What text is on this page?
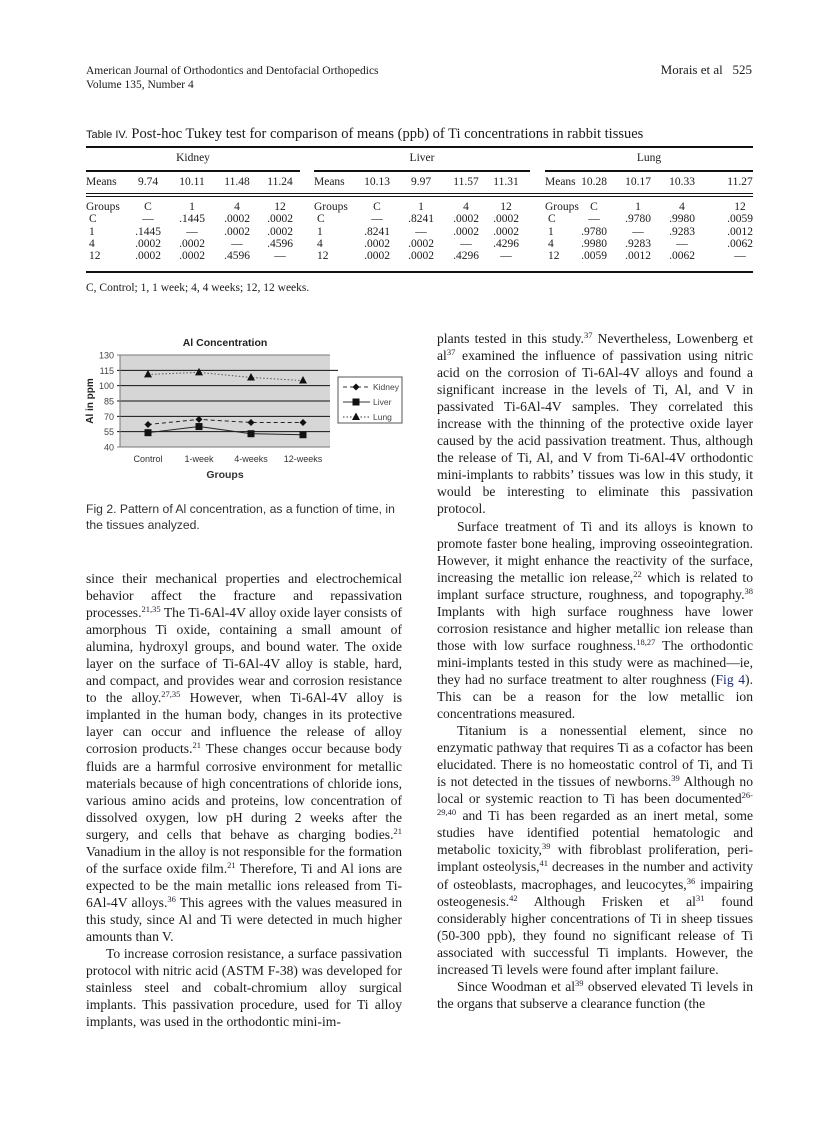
American Journal of Orthodontics and Dentofacial Orthopedics
Volume 135, Number 4
Morais et al 525
Table IV. Post-hoc Tukey test for comparison of means (ppb) of Ti concentrations in rabbit tissues
Kidney
Means 9.74 10.11 11.48 11.24
Groups C	1	4	12
C	— .1445 .0002 .0002
1	.1445 — .0002 .0002
4	.0002 .0002 — .4596
12	.0002 .0002 .4596 —
Liver
Means 10.13 9.97 11.57 11.31
Groups C	1	4	12
C	— .8241 .0002 .0002
1	.8241 — .0002 .0002
4	.0002 .0002 — .4296
12	.0002 .0002 .4296 —
Lung
Means 10.28 10.17 10.33	11.27
Groups C	1	4	12
C	— .9780 .9980	.0059
1 .9780 — .9283	.0012
4 .9980 .9283 —	.0062
12 .0059 .0012 .0062	—
C, Control; 1, 1 week; 4, 4 weeks; 12, 12 weeks.
40
55
70
85
100
115
130
Al Concentration
Groups
Al in ppm
Control 1-week 4-weeks 12-weeks
Kidney
Liver
Lung
Fig 2. Pattern of Al concentration, as a function of time, in the tissues analyzed.

since their mechanical properties and electrochemical behavior affect the fracture and repassivation processes.$^{21,35}$ The Ti-6Al-4V alloy oxide layer consists of amorphous Ti oxide, containing a small amount of alumina, hydroxyl groups, and bound water. The oxide layer on the surface of Ti-6Al-4V alloy is stable, hard, and compact, and provides wear and corrosion resistance to the alloy.$^{27,35}$ However, when Ti-6Al-4V alloy is implanted in the human body, changes in its protective layer can occur and influence the release of alloy corrosion products.$^{21}$ These changes occur because body fluids are a harmful corrosive environment for metallic materials because of high concentrations of chloride ions, various amino acids and proteins, low concentration of dissolved oxygen, low pH during 2 weeks after the surgery, and cells that behave as charging bodies.$^{21}$ Vanadium in the alloy is not responsible for the formation of the surface oxide film.$^{21}$ Therefore, Ti and Al ions are expected to be the main metallic ions released from Ti-6Al-4V alloys.$^{36}$ This agrees with the values measured in this study, since Al and Ti were detected in much higher amounts than V.

To increase corrosion resistance, a surface passivation protocol with nitric acid (ASTM F-38) was developed for stainless steel and cobalt-chromium alloy surgical implants. This passivation procedure, used for Ti alloy implants, was used in the orthodontic mini-im-

plants tested in this study.$^{37}$ Nevertheless, Lowenberg et $al^{37}$ examined the influence of passivation using nitric acid on the corrosion of Ti-6Al-4V alloys and found a significant increase in the levels of Ti, Al, and V in passivated Ti-6Al-4V samples. They correlated this increase with the thinning of the protective oxide layer caused by the acid passivation treatment. Thus, although the release of Ti, Al, and V from Ti-6Al-4V orthodontic mini-implants to rabbits’ tissues was low in this study, it would be interesting to eliminate this passivation protocol.

Surface treatment of Ti and its alloys is known to promote faster bone healing, improving osseointegration. However, it might enhance the reactivity of the surface, increasing the metallic ion release,$^{22}$ which is related to implant surface structure, roughness, and topography.$^{38}$ Implants with high surface roughness have lower corrosion resistance and higher metallic ion release than those with low surface roughness.$^{18,27}$ The orthodontic mini-implants tested in this study were as machined—ie, they had no surface treatment to alter roughness (Fig 4). This can be a reason for the low metallic ion concentrations measured.

Titanium is a nonessential element, since no enzymatic pathway that requires Ti as a cofactor has been elucidated. There is no homeostatic control of Ti, and Ti is not detected in the tissues of newborns.$^{39}$ Although no local or systemic reaction to Ti has been documented$^{26-29,40}$ and Ti has been regarded as an inert metal, some studies have identified potential hematologic and metabolic toxicity,$^{39}$ with fibroblast proliferation, peri-implant osteolysis,$^{41}$ decreases in the number and activity of osteoblasts, macrophages, and leucocytes,$^{36}$ impairing osteogenesis.$^{42}$ Although Frisken et $al^{31}$ found considerably higher concentrations of Ti in sheep tissues (50-300 ppb), they found no significant release of Ti associated with successful Ti implants. However, the increased Ti levels were found after implant failure.

Since Woodman et $al^{39}$ observed elevated Ti levels in the organs that subserve a clearance function (the
